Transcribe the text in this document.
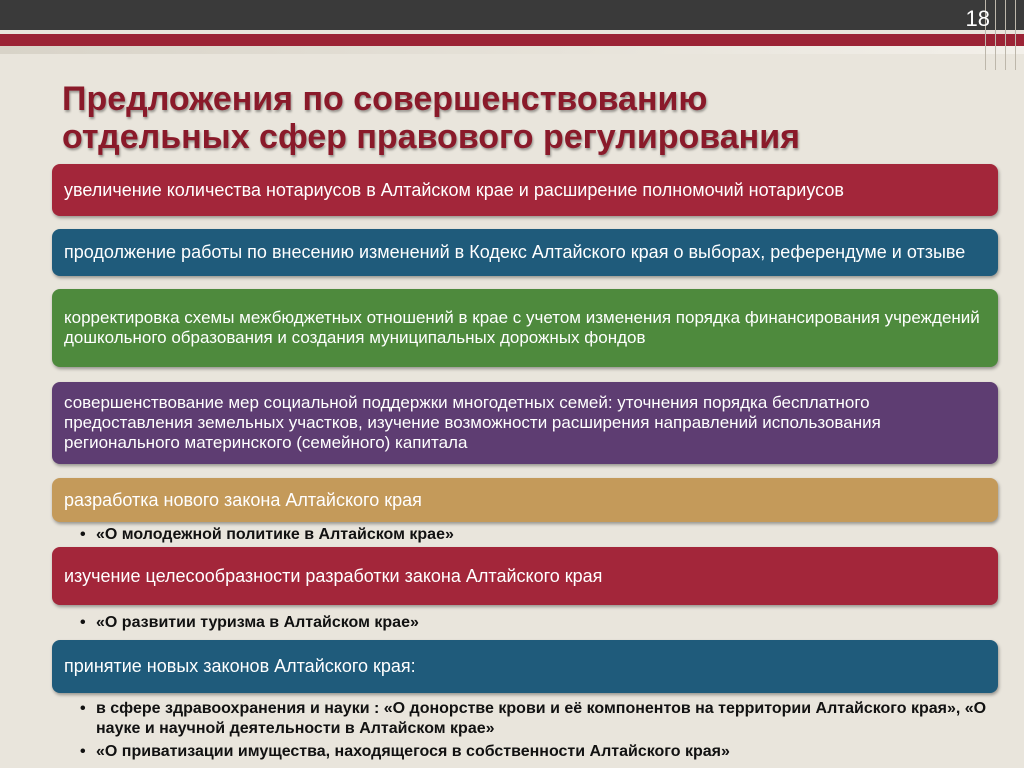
18
Предложения по совершенствованию
отдельных сфер правового регулирования
увеличение количества нотариусов в Алтайском крае и расширение полномочий нотариусов
продолжение работы по внесению изменений в Кодекс Алтайского края о выборах, референдуме и отзыве
корректировка схемы межбюджетных отношений в крае с учетом изменения порядка финансирования учреждений дошкольного образования и создания муниципальных дорожных фондов
совершенствование мер социальной поддержки многодетных семей: уточнения порядка бесплатного предоставления земельных участков, изучение возможности расширения направлений использования регионального материнского (семейного) капитала
разработка нового закона Алтайского края
• «О молодежной политике в Алтайском крае»
изучение целесообразности разработки закона Алтайского края
• «О развитии туризма в Алтайском крае»
принятие новых законов Алтайского края:
• в сфере здравоохранения и науки : «О донорстве крови и её компонентов на территории Алтайского края», «О науке и научной деятельности в Алтайском крае»
• «О приватизации имущества, находящегося в собственности Алтайского края»
